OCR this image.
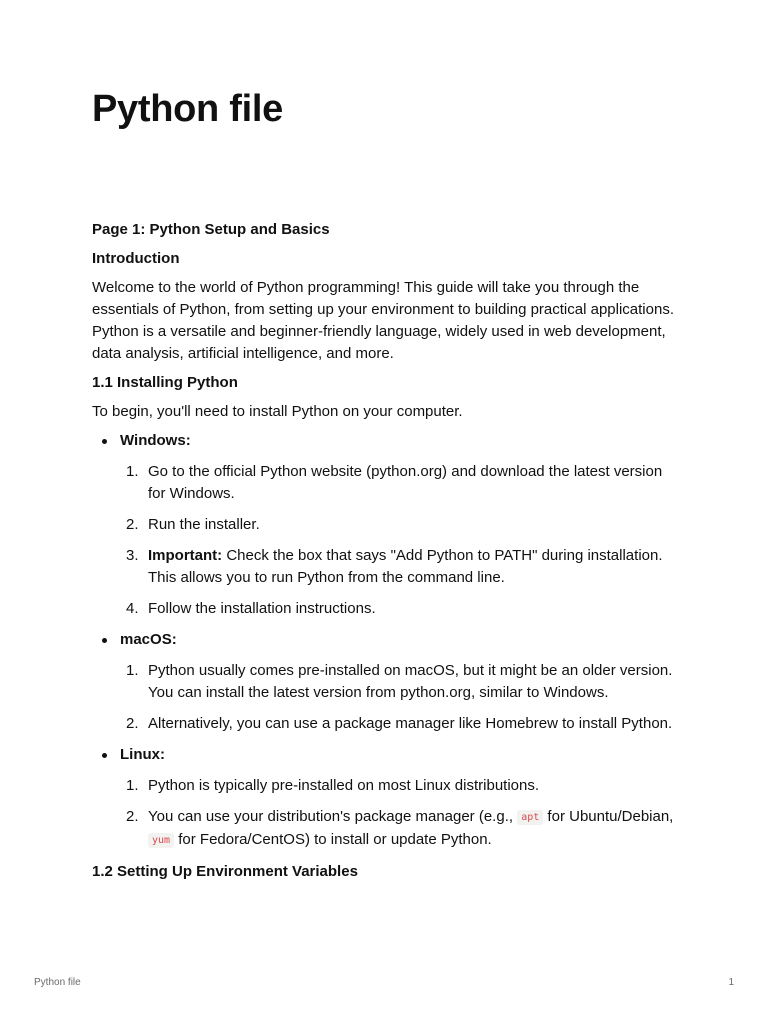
Python file

Page 1: Python Setup and Basics

Introduction

Welcome to the world of Python programming! This guide will take you through the essentials of Python, from setting up your environment to building practical applications. Python is a versatile and beginner-friendly language, widely used in web development, data analysis, artificial intelligence, and more.

1.1 Installing Python

To begin, you'll need to install Python on your computer.

Windows:
1. Go to the official Python website (python.org) and download the latest version for Windows.
2. Run the installer.
3. Important: Check the box that says "Add Python to PATH" during installation. This allows you to run Python from the command line.
4. Follow the installation instructions.
macOS:
1. Python usually comes pre-installed on macOS, but it might be an older version. You can install the latest version from python.org, similar to Windows.
2. Alternatively, you can use a package manager like Homebrew to install Python.
Linux:
1. Python is typically pre-installed on most Linux distributions.
2. You can use your distribution's package manager (e.g., apt for Ubuntu/Debian, yum for Fedora/CentOS) to install or update Python.

1.2 Setting Up Environment Variables

Python file	1
